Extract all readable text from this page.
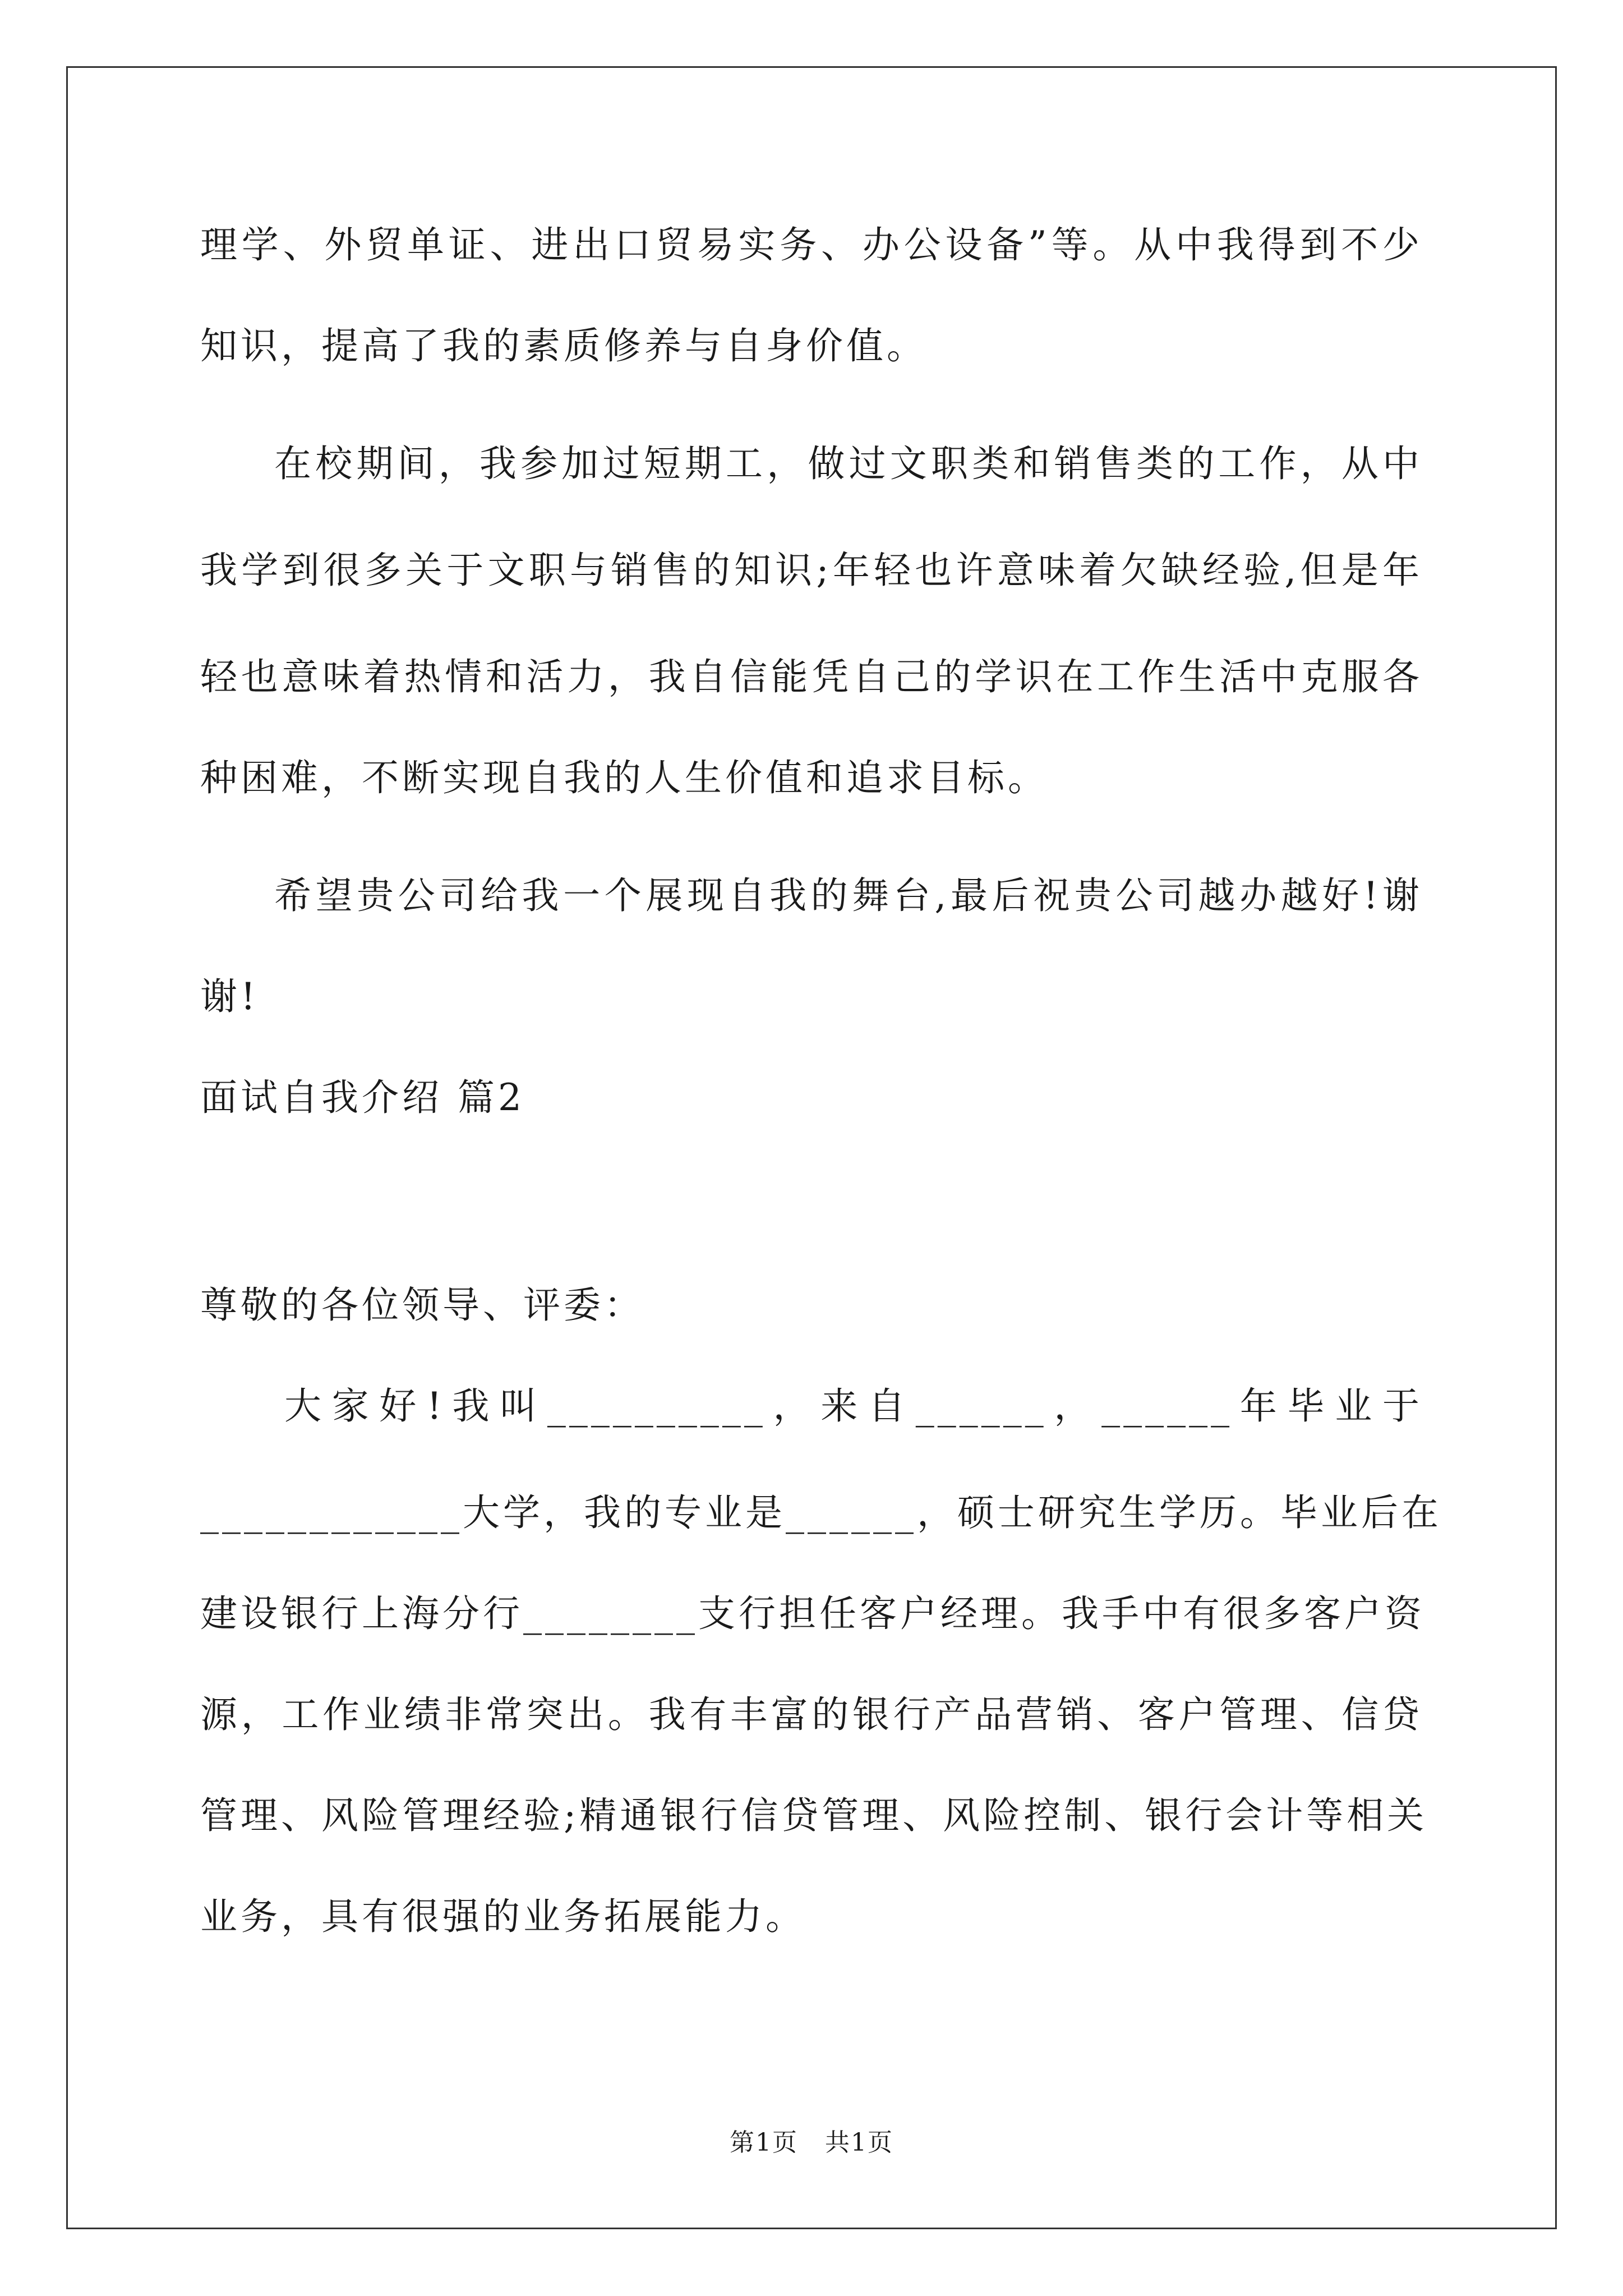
理学、外贸单证、进出口贸易实务、办公设备”等。从中我得到不少
知识，提高了我的素质修养与自身价值。
在校期间，我参加过短期工，做过文职类和销售类的工作，从中
我学到很多关于文职与销售的知识;年轻也许意味着欠缺经验,但是年
轻也意味着热情和活力，我自信能凭自己的学识在工作生活中克服各
种困难，不断实现自我的人生价值和追求目标。
希望贵公司给我一个展现自我的舞台,最后祝贵公司越办越好!谢
谢!
面试自我介绍 篇2
尊敬的各位领导、评委：
大家好!我叫__________，来自______，______年毕业于
____________大学，我的专业是______，硕士研究生学历。毕业后在
建设银行上海分行________支行担任客户经理。我手中有很多客户资
源，工作业绩非常突出。我有丰富的银行产品营销、客户管理、信贷
管理、风险管理经验;精通银行信贷管理、风险控制、银行会计等相关
业务，具有很强的业务拓展能力。
第1页   共1页
